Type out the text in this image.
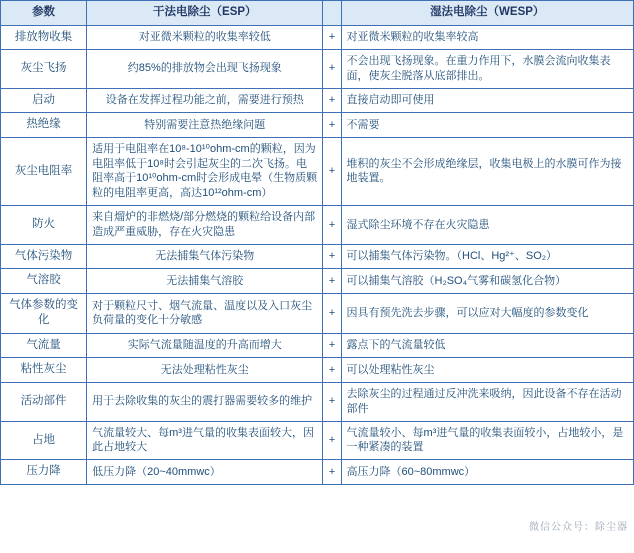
参数	干法电除尘（ESP）		湿法电除尘（WESP）
排放物收集	对亚微米颗粒的收集率较低	+	对亚微米颗粒的收集率较高
灰尘飞扬	约85%的排放物会出现飞扬现象	+	不会出现飞扬现象。在重力作用下，水膜会流向收集表面，使灰尘脱落从底部排出。
启动	设备在发挥过程功能之前，需要进行预热	+	直接启动即可使用
热绝缘	特别需要注意热绝缘问题	+	不需要
灰尘电阻率	适用于电阻率在10⁸-10¹⁰ohm-cm的颗粒，因为电阻率低于10⁸时会引起灰尘的二次飞扬。电阻率高于10¹⁰ohm-cm时会形成电晕（生物质颗粒的电阻率更高，高达10¹²ohm-cm）	+	堆积的灰尘不会形成绝缘层，收集电极上的水膜可作为接地装置。
防火	来自熘炉的非燃烧/部分燃烧的颗粒给设备内部造成严重威胁，存在火灾隐患	+	湿式除尘环境不存在火灾隐患
气体污染物	无法捕集气体污染物	+	可以捕集气体污染物。（HCl、Hg²⁺、SO₂）
气溶胶	无法捕集气溶胶	+	可以捕集气溶胶（H₂SO₄气雾和碳氢化合物）
气体参数的变化	对于颗粒尺寸、烟气流量、温度以及入口灰尘负荷量的变化十分敏感	+	因具有预先洗去步骤，可以应对大幅度的参数变化
气流量	实际气流量随温度的升高而增大	+	露点下的气流量较低
粘性灰尘	无法处理粘性灰尘	+	可以处理粘性灰尘
活动部件	用于去除收集的灰尘的震打器需要较多的维护	+	去除灰尘的过程通过反冲洗来吸纳，因此设备不存在活动部件
占地	气流量较大、每m³进气量的收集表面较大，因此占地较大	+	气流量较小、每m³进气量的收集表面较小，占地较小，是一种紧凑的装置
压力降	低压力降（20~40mmwc）	+	高压力降（60~80mmwc）
微信公众号：除尘器
